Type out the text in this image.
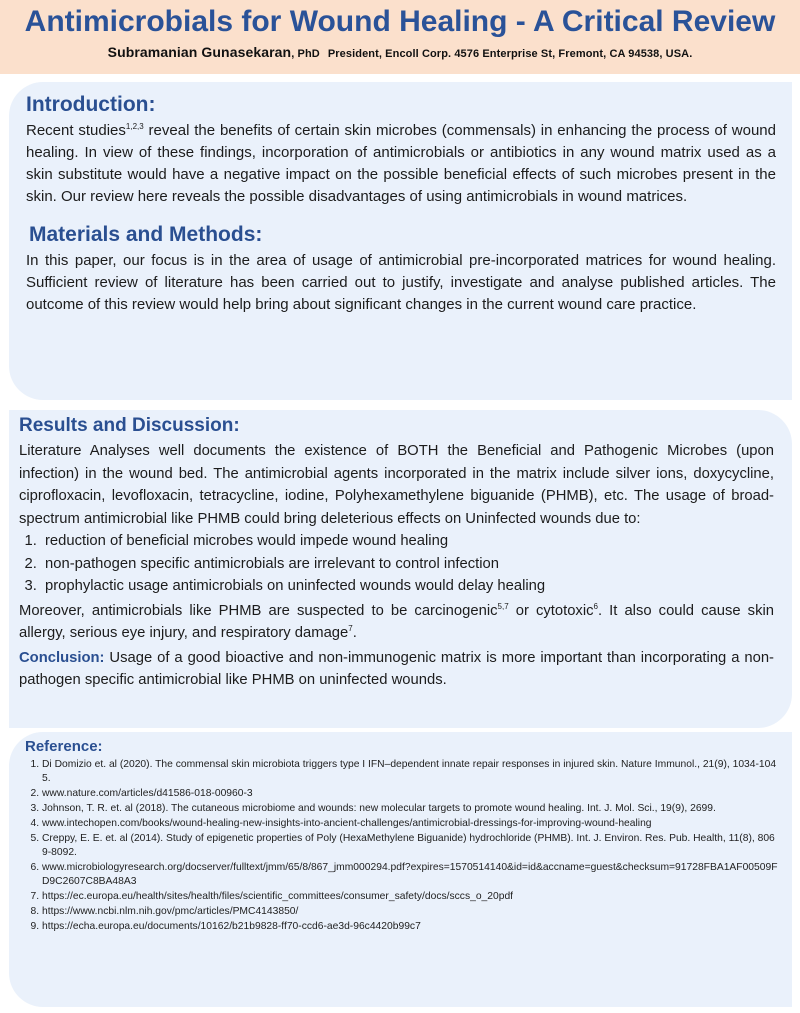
Antimicrobials for Wound Healing - A Critical Review
Subramanian Gunasekaran, PhD President, Encoll Corp. 4576 Enterprise St, Fremont, CA 94538, USA.
Introduction:

Recent studies$^{1,2,3}$ reveal the benefits of certain skin microbes (commensals) in enhancing the process of wound healing. In view of these findings, incorporation of antimicrobials or antibiotics in any wound matrix used as a skin substitute would have a negative impact on the possible beneficial effects of such microbes present in the skin. Our review here reveals the possible disadvantages of using antimicrobials in wound matrices.

Materials and Methods:

In this paper, our focus is in the area of usage of antimicrobial pre-incorporated matrices for wound healing. Sufficient review of literature has been carried out to justify, investigate and analyse published articles. The outcome of this review would help bring about significant changes in the current wound care practice.

Results and Discussion:

Literature Analyses well documents the existence of BOTH the Beneficial and Pathogenic Microbes (upon infection) in the wound bed. The antimicrobial agents incorporated in the matrix include silver ions, doxycycline, ciprofloxacin, levofloxacin, tetracycline, iodine, Polyhexamethylene biguanide (PHMB), etc. The usage of broad-spectrum antimicrobial like PHMB could bring deleterious effects on Uninfected wounds due to:

1. reduction of beneficial microbes would impede wound healing
2. non-pathogen specific antimicrobials are irrelevant to control infection
3. prophylactic usage antimicrobials on uninfected wounds would delay healing

Moreover, antimicrobials like PHMB are suspected to be carcinogenic$^{5,7}$ or cytotoxic$^6$. It also could cause skin allergy, serious eye injury, and respiratory damage$^7$.

Conclusion: Usage of a good bioactive and non-immunogenic matrix is more important than incorporating a non-pathogen specific antimicrobial like PHMB on uninfected wounds.

Reference:
1. Di Domizio et. al (2020). The commensal skin microbiota triggers type I IFN–dependent innate repair responses in injured skin. Nature Immunol., 21(9), 1034-1045.
2. www.nature.com/articles/d41586-018-00960-3
3. Johnson, T. R. et. al (2018). The cutaneous microbiome and wounds: new molecular targets to promote wound healing. Int. J. Mol. Sci., 19(9), 2699.
4. www.intechopen.com/books/wound-healing-new-insights-into-ancient-challenges/antimicrobial-dressings-for-improving-wound-healing
5. Creppy, E. E. et. al (2014). Study of epigenetic properties of Poly (HexaMethylene Biguanide) hydrochloride (PHMB). Int. J. Environ. Res. Pub. Health, 11(8), 8069-8092.
6. www.microbiologyresearch.org/docserver/fulltext/jmm/65/8/867_jmm000294.pdf?expires=1570514140&id=id&accname=guest&checksum=91728FBA1AF00509FD9C2607C8BA48A3
7. https://ec.europa.eu/health/sites/health/files/scientific_committees/consumer_safety/docs/sccs_o_20pdf
8. https://www.ncbi.nlm.nih.gov/pmc/articles/PMC4143850/
9. https://echa.europa.eu/documents/10162/b21b9828-ff70-ccd6-ae3d-96c4420b99c7
